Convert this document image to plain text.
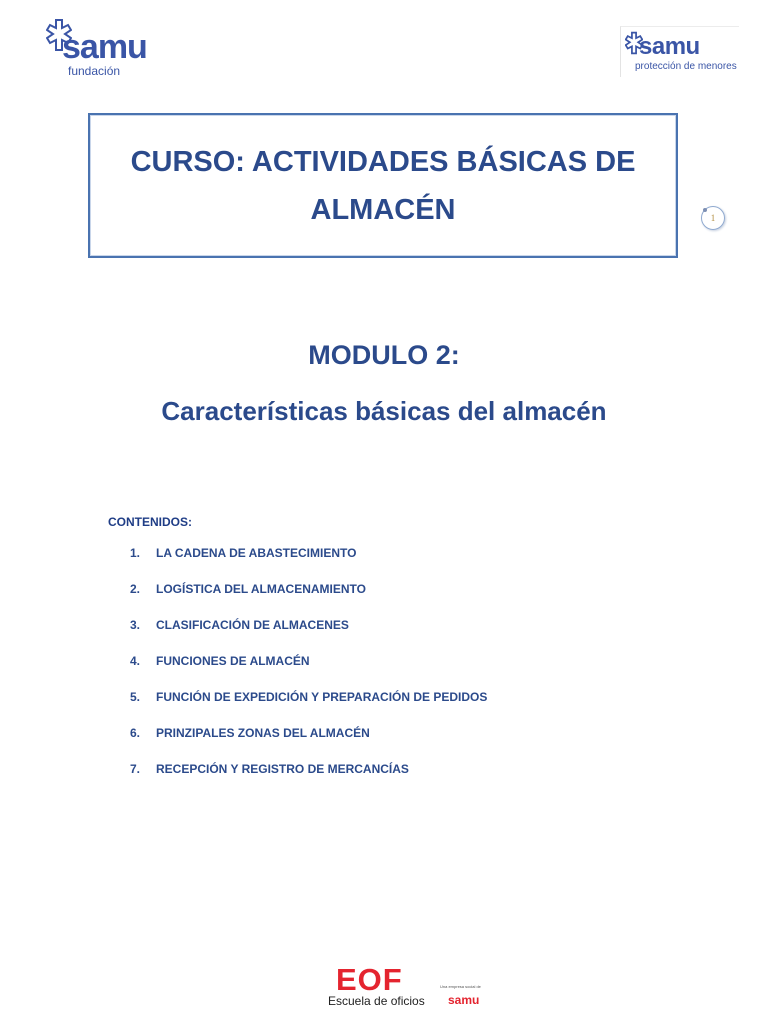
samu
fundación
samu
protección de menores
CURSO: ACTIVIDADES BÁSICAS DE ALMACÉN	1
MODULO 2:
Características básicas del almacén
CONTENIDOS:
1. LA CADENA DE ABASTECIMIENTO
2. LOGÍSTICA DEL ALMACENAMIENTO
3. CLASIFICACIÓN DE ALMACENES
4. FUNCIONES DE ALMACÉN
5. FUNCIÓN DE EXPEDICIÓN Y PREPARACIÓN DE PEDIDOS
6. PRINZIPALES ZONAS DEL ALMACÉN
7. RECEPCIÓN Y REGISTRO DE MERCANCÍAS
EOF
Escuela de oficios
Una empresa social de
samu
